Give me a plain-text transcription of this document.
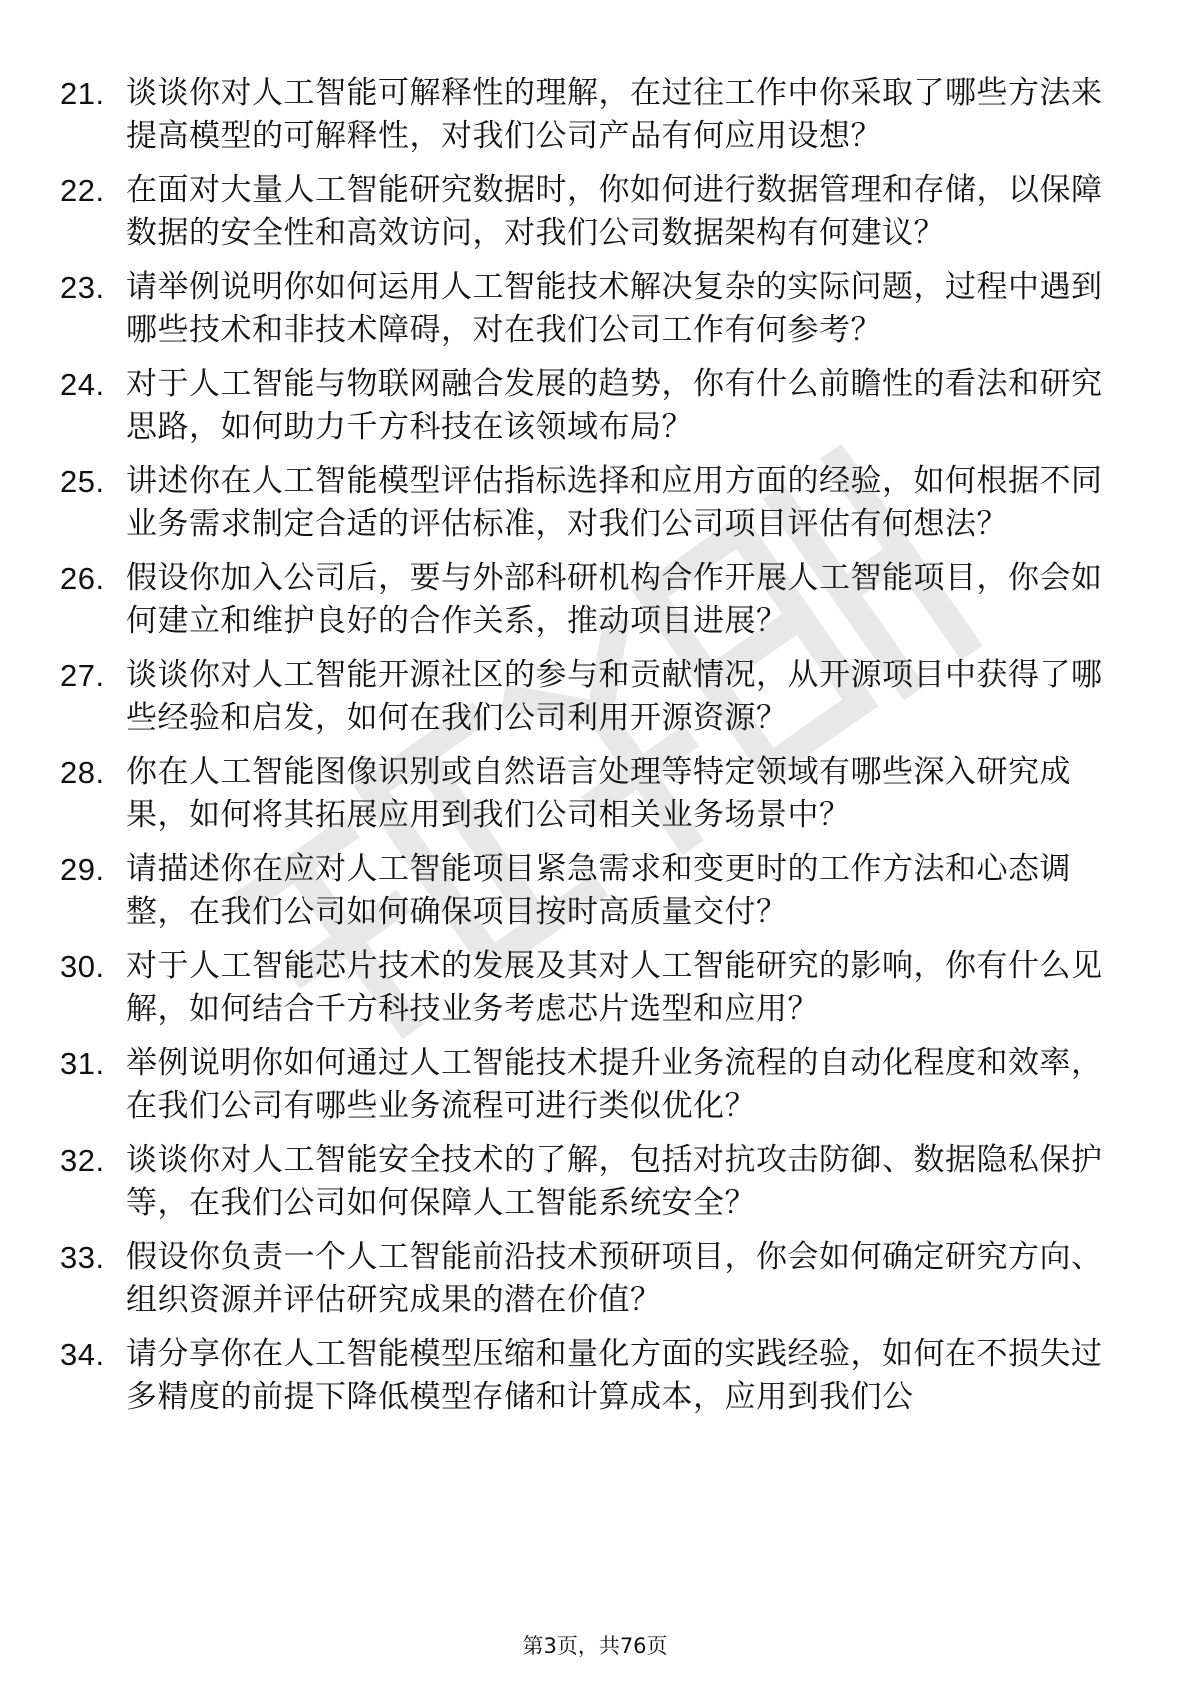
21. 谈谈你对人工智能可解释性的理解，在过往工作中你采取了哪些方法来提高模型的可解释性，对我们公司产品有何应用设想？
22. 在面对大量人工智能研究数据时，你如何进行数据管理和存储，以保障数据的安全性和高效访问，对我们公司数据架构有何建议？
23. 请举例说明你如何运用人工智能技术解决复杂的实际问题，过程中遇到哪些技术和非技术障碍，对在我们公司工作有何参考？
24. 对于人工智能与物联网融合发展的趋势，你有什么前瞻性的看法和研究思路，如何助力千方科技在该领域布局？
25. 讲述你在人工智能模型评估指标选择和应用方面的经验，如何根据不同业务需求制定合适的评估标准，对我们公司项目评估有何想法？
26. 假设你加入公司后，要与外部科研机构合作开展人工智能项目，你会如何建立和维护良好的合作关系，推动项目进展？
27. 谈谈你对人工智能开源社区的参与和贡献情况，从开源项目中获得了哪些经验和启发，如何在我们公司利用开源资源？
28. 你在人工智能图像识别或自然语言处理等特定领域有哪些深入研究成果，如何将其拓展应用到我们公司相关业务场景中？
29. 请描述你在应对人工智能项目紧急需求和变更时的工作方法和心态调整，在我们公司如何确保项目按时高质量交付？
30. 对于人工智能芯片技术的发展及其对人工智能研究的影响，你有什么见解，如何结合千方科技业务考虑芯片选型和应用？
31. 举例说明你如何通过人工智能技术提升业务流程的自动化程度和效率，在我们公司有哪些业务流程可进行类似优化？
32. 谈谈你对人工智能安全技术的了解，包括对抗攻击防御、数据隐私保护等，在我们公司如何保障人工智能系统安全？
33. 假设你负责一个人工智能前沿技术预研项目，你会如何确定研究方向、组织资源并评估研究成果的潜在价值？
34. 请分享你在人工智能模型压缩和量化方面的实践经验，如何在不损失过多精度的前提下降低模型存储和计算成本，应用到我们公
第3页，共76页
